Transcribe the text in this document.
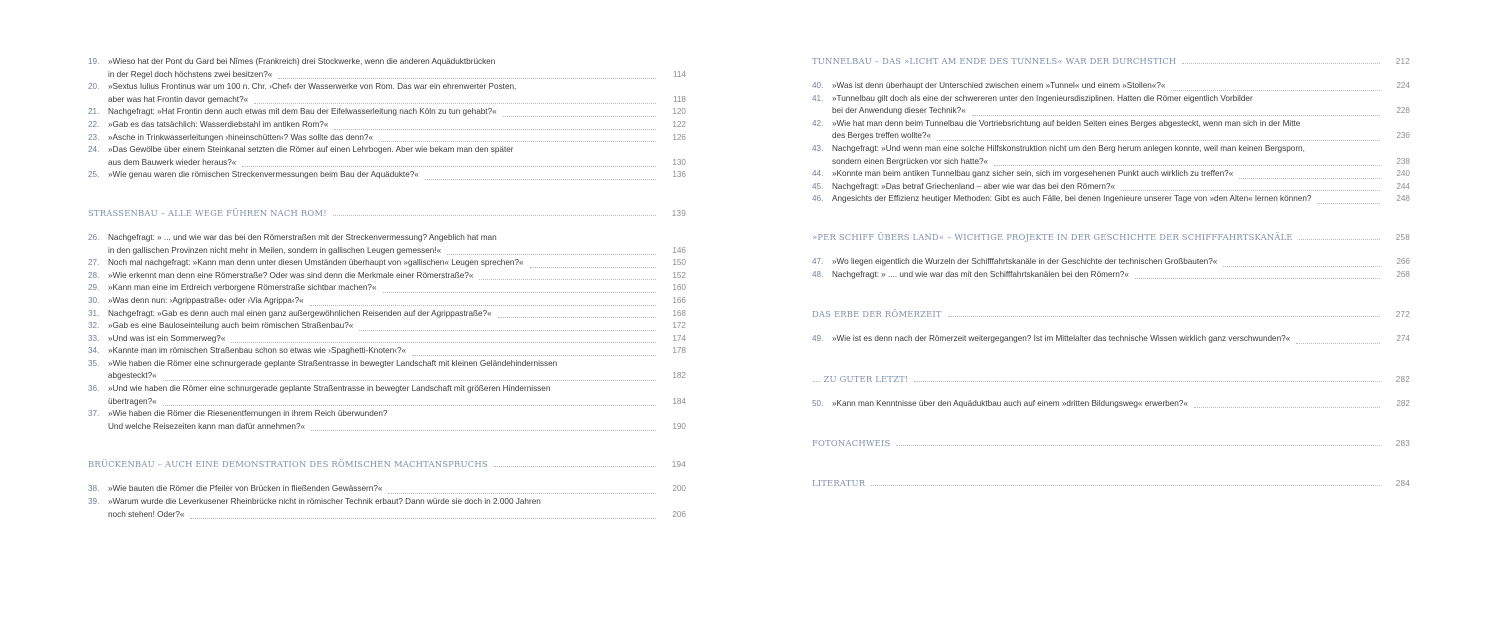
19.	»Wieso hat der Pont du Gard bei Nîmes (Frankreich) drei Stockwerke, wenn die anderen Aquäduktbrücken
in der Regel doch höchstens zwei besitzen?«	114
20.	»Sextus Iulius Frontinus war um 100 n. Chr. ›Chef‹ der Wasserwerke von Rom. Das war ein ehrenwerter Posten,
aber was hat Frontin davor gemacht?«	118
21.	Nachgefragt: »Hat Frontin denn auch etwas mit dem Bau der Eifelwasserleitung nach Köln zu tun gehabt?«	120
22.	»Gab es das tatsächlich: Wasserdiebstahl im antiken Rom?«	122
23.	»Asche in Trinkwasserleitungen ›hineinschütten‹? Was sollte das denn?«	126
24.	»Das Gewölbe über einem Steinkanal setzten die Römer auf einen Lehrbogen. Aber wie bekam man den später
aus dem Bauwerk wieder heraus?«	130
25.	»Wie genau waren die römischen Streckenvermessungen beim Bau der Aquädukte?«	136
STRASSENBAU – ALLE WEGE FÜHREN NACH ROM!	139
26.	Nachgefragt: » ... und wie war das bei den Römerstraßen mit der Streckenvermessung? Angeblich hat man
in den gallischen Provinzen nicht mehr in Meilen, sondern in gallischen Leugen gemessen!«	146
27.	Noch mal nachgefragt: »Kann man denn unter diesen Umständen überhaupt von »gallischen« Leugen sprechen?«	150
28.	»Wie erkennt man denn eine Römerstraße? Oder was sind denn die Merkmale einer Römerstraße?«	152
29.	»Kann man eine im Erdreich verborgene Römerstraße sichtbar machen?«	160
30.	»Was denn nun: ›Agrippastraße‹ oder ›Via Agrippa‹?«	166
31.	Nachgefragt: »Gab es denn auch mal einen ganz außergewöhnlichen Reisenden auf der Agrippastraße?«	168
32.	»Gab es eine Bauloseinteilung auch beim römischen Straßenbau?«	172
33.	»Und was ist ein Sommerweg?«	174
34.	»Kannte man im römischen Straßenbau schon so etwas wie ›Spaghetti-Knoten‹?«	178
35.	»Wie haben die Römer eine schnurgerade geplante Straßentrasse in bewegter Landschaft mit kleinen Geländehindernissen
abgesteckt?«	182
36.	»Und wie haben die Römer eine schnurgerade geplante Straßentrasse in bewegter Landschaft mit größeren Hindernissen
übertragen?«	184
37.	»Wie haben die Römer die Riesenentfernungen in ihrem Reich überwunden?
Und welche Reisezeiten kann man dafür annehmen?«	190
BRÜCKENBAU – AUCH EINE DEMONSTRATION DES RÖMISCHEN MACHTANSPRUCHS	194
38.	»Wie bauten die Römer die Pfeiler von Brücken in fließenden Gewässern?«	200
39.	»Warum wurde die Leverkusener Rheinbrücke nicht in römischer Technik erbaut? Dann würde sie doch in 2.000 Jahren
noch stehen! Oder?«	206
TUNNELBAU – DAS »LICHT AM ENDE DES TUNNELS« WAR DER DURCHSTICH	212
40.	»Was ist denn überhaupt der Unterschied zwischen einem »Tunnel« und einem »Stollen«?«	224
41.	»Tunnelbau gilt doch als eine der schwereren unter den Ingenieursdisziplinen. Hatten die Römer eigentlich Vorbilder
bei der Anwendung dieser Technik?«	228
42.	»Wie hat man denn beim Tunnelbau die Vortriebsrichtung auf beiden Seiten eines Berges abgesteckt, wenn man sich in der Mitte
des Berges treffen wollte?«	236
43.	Nachgefragt: »Und wenn man eine solche Hilfskonstruktion nicht um den Berg herum anlegen konnte, weil man keinen Bergsporn,
sondern einen Bergrücken vor sich hatte?«	238
44.	»Konnte man beim antiken Tunnelbau ganz sicher sein, sich im vorgesehenen Punkt auch wirklich zu treffen?«	240
45.	Nachgefragt: »Das betraf Griechenland – aber wie war das bei den Römern?«	244
46.	Angesichts der Effizienz heutiger Methoden: Gibt es auch Fälle, bei denen Ingenieure unserer Tage von »den Alten« lernen können?	248
»PER SCHIFF ÜBERS LAND« – WICHTIGE PROJEKTE IN DER GESCHICHTE DER SCHIFFFAHRTSKANÄLE	258
47.	»Wo liegen eigentlich die Wurzeln der Schifffahrtskanäle in der Geschichte der technischen Großbauten?«	266
48.	Nachgefragt: » .... und wie war das mit den Schifffahrtskanälen bei den Römern?«	268
DAS ERBE DER RÖMERZEIT	272
49.	»Wie ist es denn nach der Römerzeit weitergegangen? Ist im Mittelalter das technische Wissen wirklich ganz verschwunden?«	274
... ZU GUTER LETZT!	282
50.	»Kann man Kenntnisse über den Aquäduktbau auch auf einem »dritten Bildungsweg« erwerben?«	282
FOTONACHWEIS	283
LITERATUR	284
